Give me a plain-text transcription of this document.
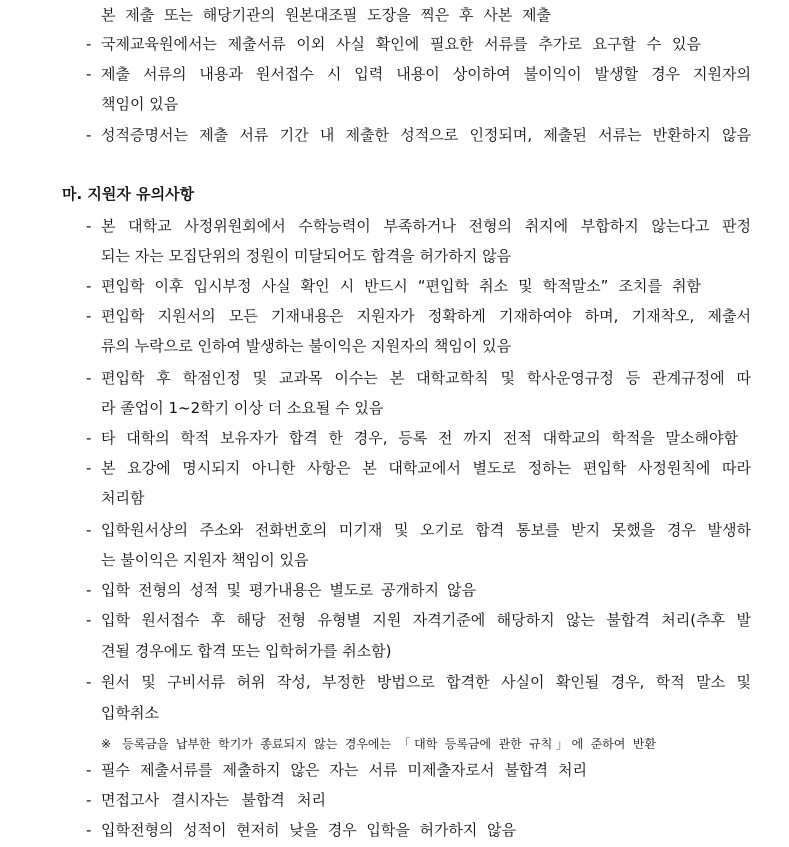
본 제출 또는 해당기관의 원본대조필 도장을 찍은 후 사본 제출
- 국제교육원에서는 제출서류 이외 사실 확인에 필요한 서류를 추가로 요구할 수 있음
- 제출 서류의 내용과 원서접수 시 입력 내용이 상이하여 불이익이 발생할 경우 지원자의
책임이 있음
- 성적증명서는 제출 서류 기간 내 제출한 성적으로 인정되며, 제출된 서류는 반환하지 않음
마. 지원자 유의사항
- 본 대학교 사정위원회에서 수학능력이 부족하거나 전형의 취지에 부합하지 않는다고 판정
되는 자는 모집단위의 정원이 미달되어도 합격을 허가하지 않음
- 편입학 이후 입시부정 사실 확인 시 반드시 “편입학 취소 및 학적말소” 조치를 취함
- 편입학 지원서의 모든 기재내용은 지원자가 정확하게 기재하여야 하며, 기재착오, 제출서
류의 누락으로 인하여 발생하는 불이익은 지원자의 책임이 있음
- 편입학 후 학점인정 및 교과목 이수는 본 대학교학칙 및 학사운영규정 등 관계규정에 따
라 졸업이 1~2학기 이상 더 소요될 수 있음
- 타 대학의 학적 보유자가 합격 한 경우, 등록 전 까지 전적 대학교의 학적을 말소해야함
- 본 요강에 명시되지 아니한 사항은 본 대학교에서 별도로 정하는 편입학 사정원칙에 따라
처리함
- 입학원서상의 주소와 전화번호의 미기재 및 오기로 합격 통보를 받지 못했을 경우 발생하
는 불이익은 지원자 책임이 있음
- 입학 전형의 성적 및 평가내용은 별도로 공개하지 않음
- 입학 원서접수 후 해당 전형 유형별 지원 자격기준에 해당하지 않는 불합격 처리(추후 발
견될 경우에도 합격 또는 입학허가를 취소함)
- 원서 및 구비서류 허위 작성, 부정한 방법으로 합격한 사실이 확인될 경우, 학적 말소 및
입학취소
※ 등록금을 납부한 학기가 종료되지 않는 경우에는 「대학 등록금에 관한 규칙」에 준하여 반환
- 필수 제출서류를 제출하지 않은 자는 서류 미제출자로서 불합격 처리
- 면접고사 결시자는 불합격 처리
- 입학전형의 성적이 현저히 낮을 경우 입학을 허가하지 않음
